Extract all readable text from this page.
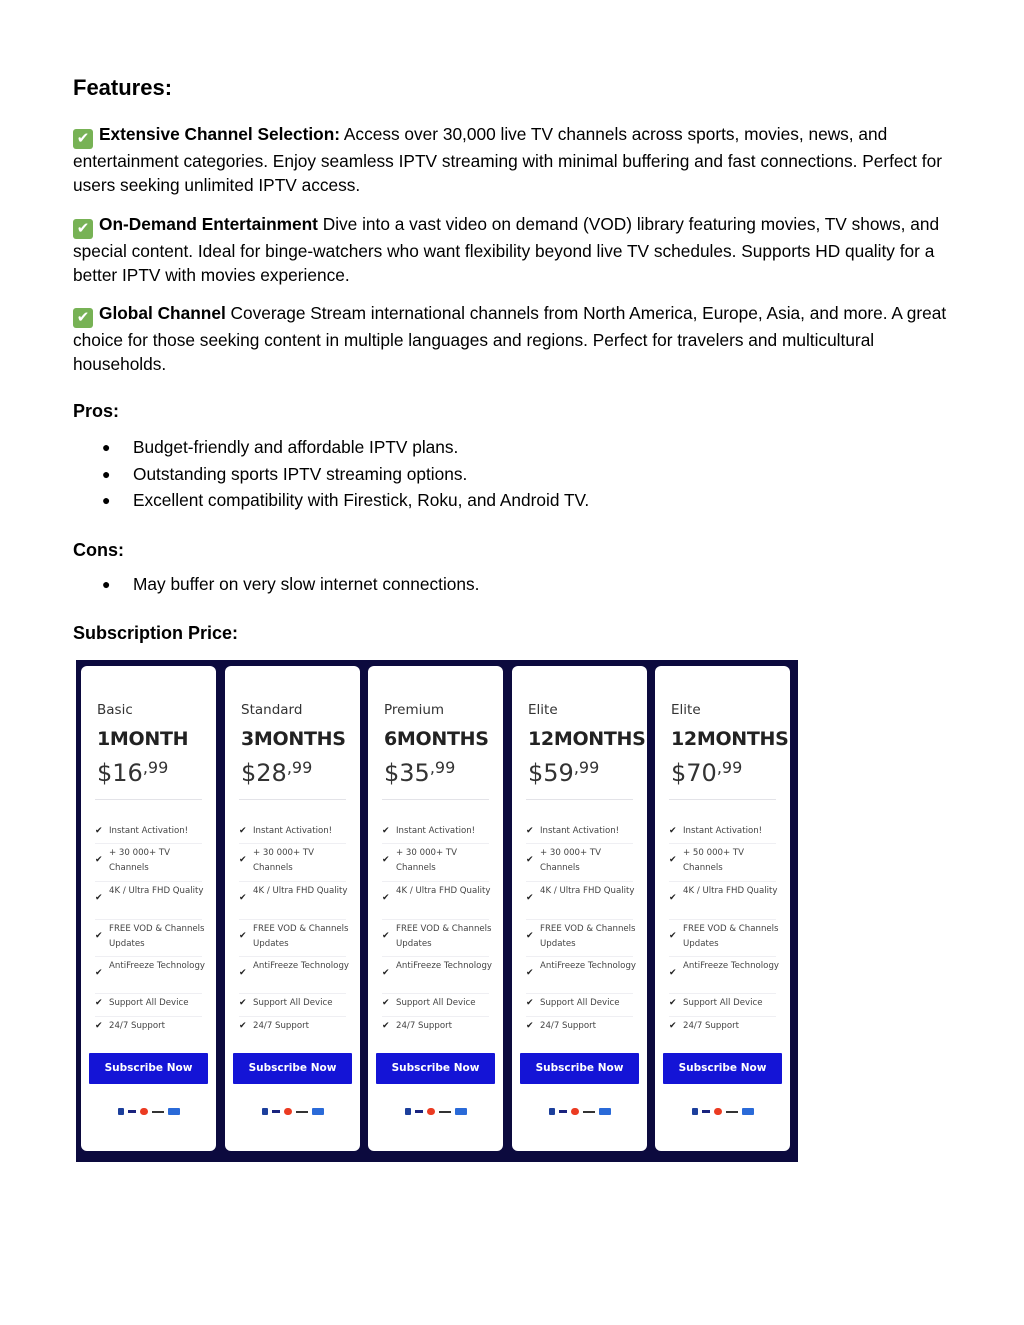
Features:
✔ Extensive Channel Selection: Access over 30,000 live TV channels across sports, movies, news, and entertainment categories. Enjoy seamless IPTV streaming with minimal buffering and fast connections. Perfect for users seeking unlimited IPTV access.
✔ On-Demand Entertainment Dive into a vast video on demand (VOD) library featuring movies, TV shows, and special content. Ideal for binge-watchers who want flexibility beyond live TV schedules. Supports HD quality for a better IPTV with movies experience.
✔ Global Channel Coverage Stream international channels from North America, Europe, Asia, and more. A great choice for those seeking content in multiple languages and regions. Perfect for travelers and multicultural households.
Pros:
● Budget-friendly and affordable IPTV plans.
● Outstanding sports IPTV streaming options.
● Excellent compatibility with Firestick, Roku, and Android TV.
Cons:
● May buffer on very slow internet connections.
Subscription Price:
Basic
1MONTH
$\$16^{,99}$
✔ Instant Activation!
✔
+ 30 000+ TV Channels
✔
4K / Ultra FHD Quality
✔
FREE VOD & Channels Updates
✔
AntiFreeze Technology
✔ Support All Device
✔ 24/7 Support
Subscribe Now
Standard
3MONTHS
$\$28^{,99}$
✔ Instant Activation!
✔
+ 30 000+ TV Channels
✔
4K / Ultra FHD Quality
✔
FREE VOD & Channels Updates
✔
AntiFreeze Technology
✔ Support All Device
✔ 24/7 Support
Subscribe Now
Premium
6MONTHS
$\$35^{,99}$
✔ Instant Activation!
✔
+ 30 000+ TV Channels
✔
4K / Ultra FHD Quality
✔
FREE VOD & Channels Updates
✔
AntiFreeze Technology
✔ Support All Device
✔ 24/7 Support
Subscribe Now
Elite
12MONTHS
$\$59^{,99}$
✔ Instant Activation!
✔
+ 30 000+ TV Channels
✔
4K / Ultra FHD Quality
✔
FREE VOD & Channels Updates
✔
AntiFreeze Technology
✔ Support All Device
✔ 24/7 Support
Subscribe Now
Elite
12MONTHS
$\$70^{,99}$
✔ Instant Activation!
✔
+ 50 000+ TV Channels
✔
4K / Ultra FHD Quality
✔
FREE VOD & Channels Updates
✔
AntiFreeze Technology
✔ Support All Device
✔ 24/7 Support
Subscribe Now
